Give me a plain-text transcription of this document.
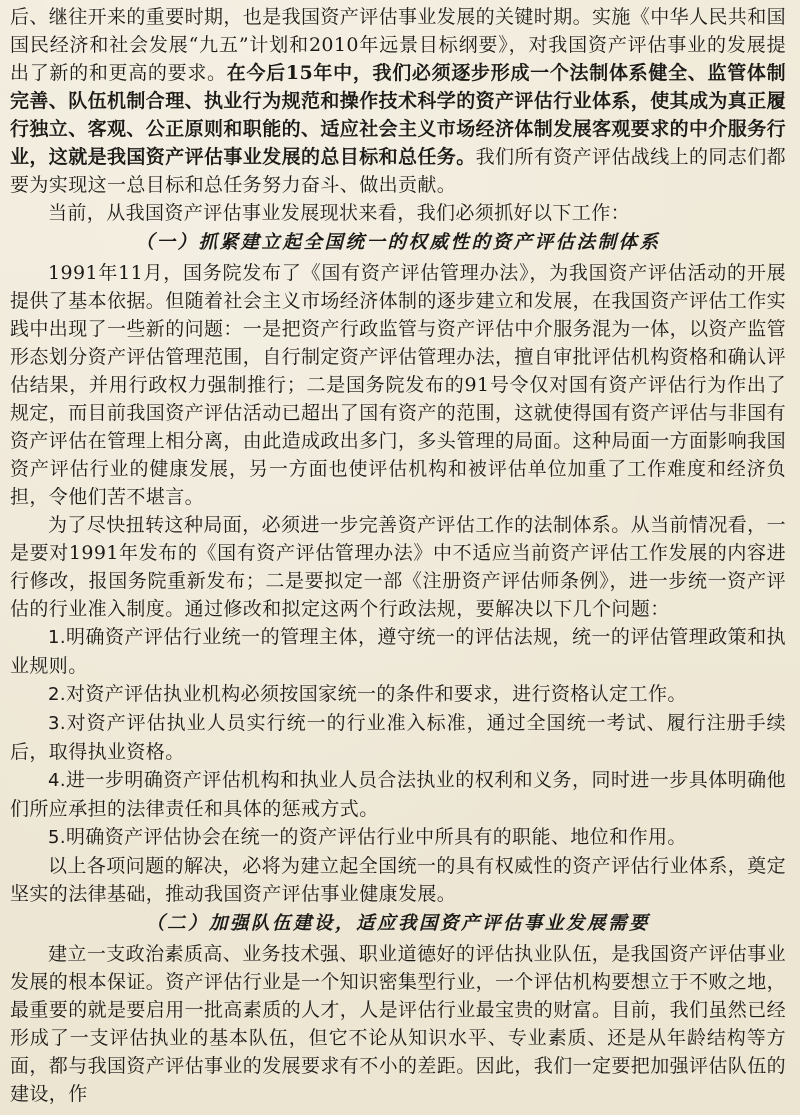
后、继往开来的重要时期，也是我国资产评估事业发展的关键时期。实施《中华人民共和国国民经济和社会发展“九五”计划和2010年远景目标纲要》，对我国资产评估事业的发展提出了新的和更高的要求。在今后15年中，我们必须逐步形成一个法制体系健全、监管体制完善、队伍机制合理、执业行为规范和操作技术科学的资产评估行业体系，使其成为真正履行独立、客观、公正原则和职能的、适应社会主义市场经济体制发展客观要求的中介服务行业，这就是我国资产评估事业发展的总目标和总任务。我们所有资产评估战线上的同志们都要为实现这一总目标和总任务努力奋斗、做出贡献。

当前，从我国资产评估事业发展现状来看，我们必须抓好以下工作：

（一）抓紧建立起全国统一的权威性的资产评估法制体系

1991年11月，国务院发布了《国有资产评估管理办法》，为我国资产评估活动的开展提供了基本依据。但随着社会主义市场经济体制的逐步建立和发展，在我国资产评估工作实践中出现了一些新的问题：一是把资产行政监管与资产评估中介服务混为一体，以资产监管形态划分资产评估管理范围，自行制定资产评估管理办法，擅自审批评估机构资格和确认评估结果，并用行政权力强制推行；二是国务院发布的91号令仅对国有资产评估行为作出了规定，而目前我国资产评估活动已超出了国有资产的范围，这就使得国有资产评估与非国有资产评估在管理上相分离，由此造成政出多门，多头管理的局面。这种局面一方面影响我国资产评估行业的健康发展，另一方面也使评估机构和被评估单位加重了工作难度和经济负担，令他们苦不堪言。

为了尽快扭转这种局面，必须进一步完善资产评估工作的法制体系。从当前情况看，一是要对1991年发布的《国有资产评估管理办法》中不适应当前资产评估工作发展的内容进行修改，报国务院重新发布；二是要拟定一部《注册资产评估师条例》，进一步统一资产评估的行业准入制度。通过修改和拟定这两个行政法规，要解决以下几个问题：

1.明确资产评估行业统一的管理主体，遵守统一的评估法规，统一的评估管理政策和执业规则。

2.对资产评估执业机构必须按国家统一的条件和要求，进行资格认定工作。

3.对资产评估执业人员实行统一的行业准入标准，通过全国统一考试、履行注册手续后，取得执业资格。

4.进一步明确资产评估机构和执业人员合法执业的权利和义务，同时进一步具体明确他们所应承担的法律责任和具体的惩戒方式。

5.明确资产评估协会在统一的资产评估行业中所具有的职能、地位和作用。

以上各项问题的解决，必将为建立起全国统一的具有权威性的资产评估行业体系，奠定坚实的法律基础，推动我国资产评估事业健康发展。

（二）加强队伍建设，适应我国资产评估事业发展需要

建立一支政治素质高、业务技术强、职业道德好的评估执业队伍，是我国资产评估事业发展的根本保证。资产评估行业是一个知识密集型行业，一个评估机构要想立于不败之地，最重要的就是要启用一批高素质的人才，人是评估行业最宝贵的财富。目前，我们虽然已经形成了一支评估执业的基本队伍，但它不论从知识水平、专业素质、还是从年龄结构等方面，都与我国资产评估事业的发展要求有不小的差距。因此，我们一定要把加强评估队伍的建设，作
